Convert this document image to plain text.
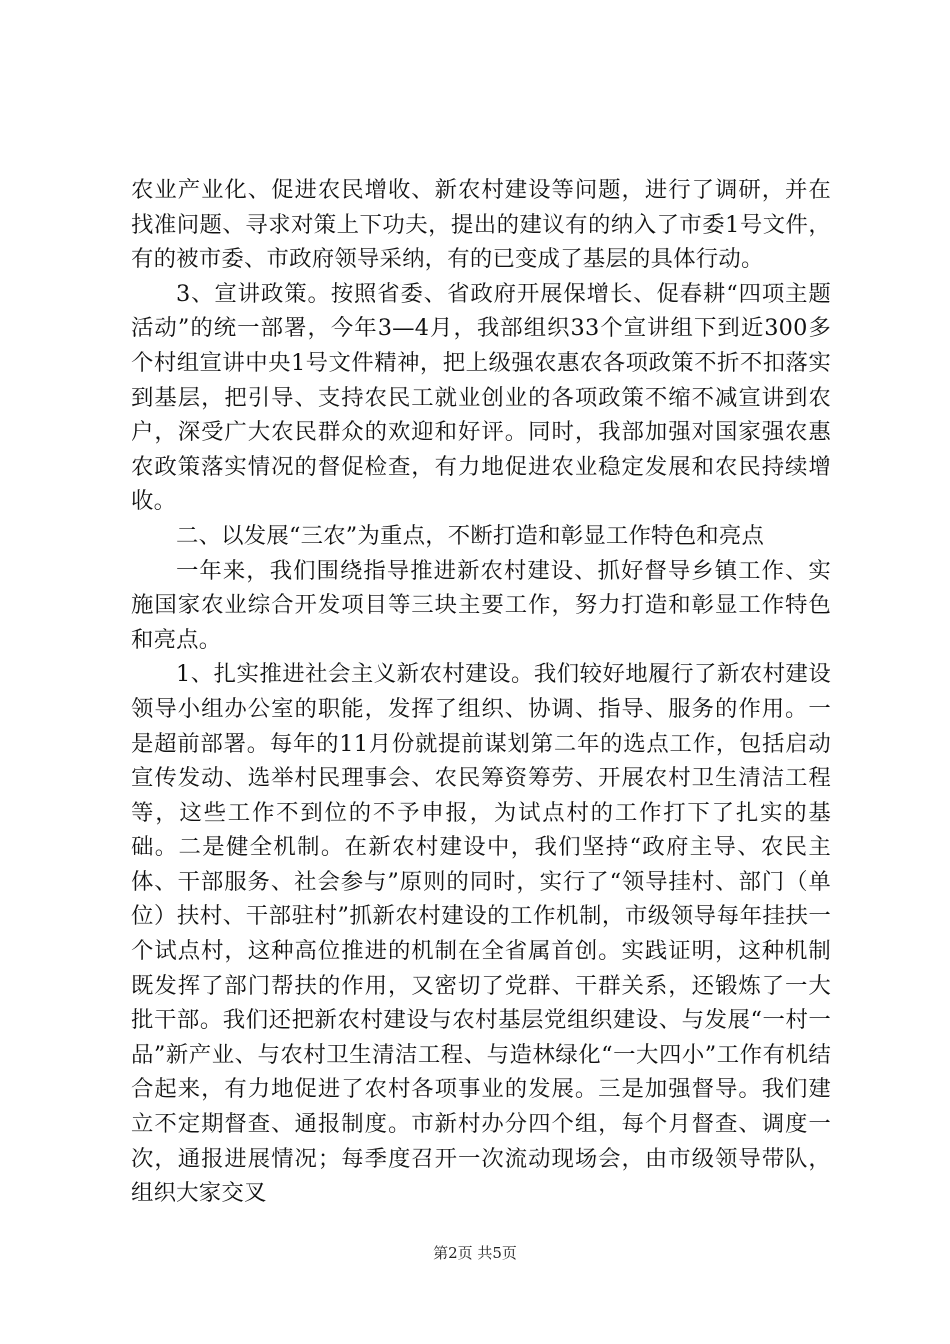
农业产业化、促进农民增收、新农村建设等问题，进行了调研，并在找准问题、寻求对策上下功夫，提出的建议有的纳入了市委1号文件，有的被市委、市政府领导采纳，有的已变成了基层的具体行动。

3、宣讲政策。按照省委、省政府开展保增长、促春耕“四项主题活动”的统一部署，今年3—4月，我部组织33个宣讲组下到近300多个村组宣讲中央1号文件精神，把上级强农惠农各项政策不折不扣落实到基层，把引导、支持农民工就业创业的各项政策不缩不减宣讲到农户，深受广大农民群众的欢迎和好评。同时，我部加强对国家强农惠农政策落实情况的督促检查，有力地促进农业稳定发展和农民持续增收。

二、以发展“三农”为重点，不断打造和彰显工作特色和亮点

一年来，我们围绕指导推进新农村建设、抓好督导乡镇工作、实施国家农业综合开发项目等三块主要工作，努力打造和彰显工作特色和亮点。

1、扎实推进社会主义新农村建设。我们较好地履行了新农村建设领导小组办公室的职能，发挥了组织、协调、指导、服务的作用。一是超前部署。每年的11月份就提前谋划第二年的选点工作，包括启动宣传发动、选举村民理事会、农民筹资筹劳、开展农村卫生清洁工程等，这些工作不到位的不予申报，为试点村的工作打下了扎实的基础。二是健全机制。在新农村建设中，我们坚持“政府主导、农民主体、干部服务、社会参与”原则的同时，实行了“领导挂村、部门（单位）扶村、干部驻村”抓新农村建设的工作机制，市级领导每年挂扶一个试点村，这种高位推进的机制在全省属首创。实践证明，这种机制既发挥了部门帮扶的作用，又密切了党群、干群关系，还锻炼了一大批干部。我们还把新农村建设与农村基层党组织建设、与发展“一村一品”新产业、与农村卫生清洁工程、与造林绿化“一大四小”工作有机结合起来，有力地促进了农村各项事业的发展。三是加强督导。我们建立不定期督查、通报制度。市新村办分四个组，每个月督查、调度一次，通报进展情况；每季度召开一次流动现场会，由市级领导带队，组织大家交叉

第2页 共5页
